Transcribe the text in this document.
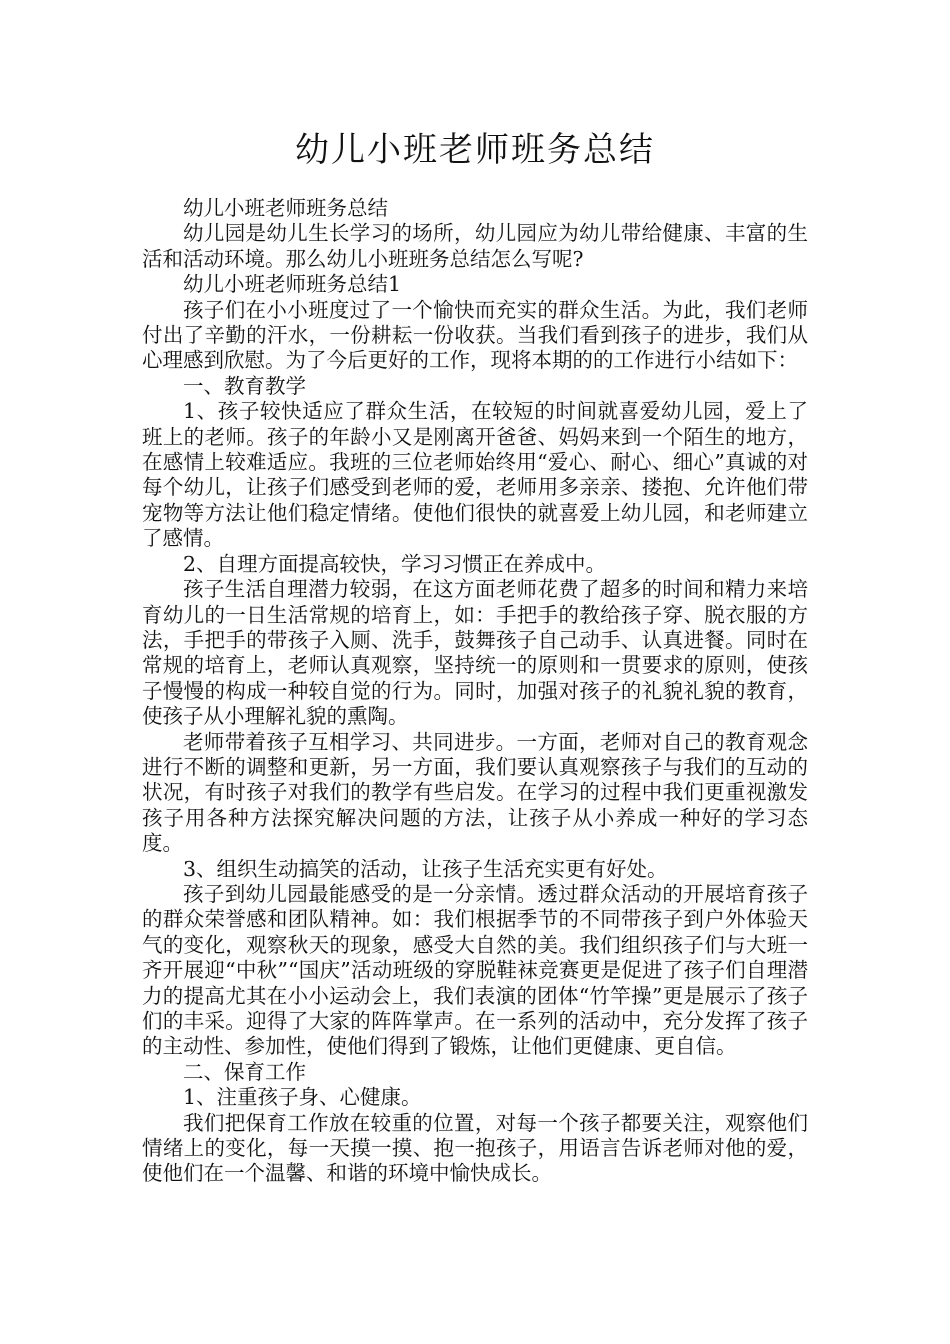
幼儿小班老师班务总结

幼儿小班老师班务总结

幼儿园是幼儿生长学习的场所，幼儿园应为幼儿带给健康、丰富的生活和活动环境。那么幼儿小班班务总结怎么写呢?

幼儿小班老师班务总结1

孩子们在小小班度过了一个愉快而充实的群众生活。为此，我们老师付出了辛勤的汗水，一份耕耘一份收获。当我们看到孩子的进步，我们从心理感到欣慰。为了今后更好的工作，现将本期的的工作进行小结如下：

一、教育教学

1、孩子较快适应了群众生活，在较短的时间就喜爱幼儿园，爱上了班上的老师。孩子的年龄小又是刚离开爸爸、妈妈来到一个陌生的地方，在感情上较难适应。我班的三位老师始终用“爱心、耐心、细心”真诚的对每个幼儿，让孩子们感受到老师的爱，老师用多亲亲、搂抱、允许他们带宠物等方法让他们稳定情绪。使他们很快的就喜爱上幼儿园，和老师建立了感情。

2、自理方面提高较快，学习习惯正在养成中。

孩子生活自理潜力较弱，在这方面老师花费了超多的时间和精力来培育幼儿的一日生活常规的培育上，如：手把手的教给孩子穿、脱衣服的方法，手把手的带孩子入厕、洗手，鼓舞孩子自己动手、认真进餐。同时在常规的培育上，老师认真观察，坚持统一的原则和一贯要求的原则，使孩子慢慢的构成一种较自觉的行为。同时，加强对孩子的礼貌礼貌的教育，使孩子从小理解礼貌的熏陶。

老师带着孩子互相学习、共同进步。一方面，老师对自己的教育观念进行不断的调整和更新，另一方面，我们要认真观察孩子与我们的互动的状况，有时孩子对我们的教学有些启发。在学习的过程中我们更重视激发孩子用各种方法探究解决问题的方法，让孩子从小养成一种好的学习态度。

3、组织生动搞笑的活动，让孩子生活充实更有好处。

孩子到幼儿园最能感受的是一分亲情。透过群众活动的开展培育孩子的群众荣誉感和团队精神。如：我们根据季节的不同带孩子到户外体验天气的变化，观察秋天的现象，感受大自然的美。我们组织孩子们与大班一齐开展迎“中秋”“国庆”活动班级的穿脱鞋袜竞赛更是促进了孩子们自理潜力的提高尤其在小小运动会上，我们表演的团体“竹竿操”更是展示了孩子们的丰采。迎得了大家的阵阵掌声。在一系列的活动中，充分发挥了孩子的主动性、参加性，使他们得到了锻炼，让他们更健康、更自信。

二、保育工作

1、注重孩子身、心健康。

我们把保育工作放在较重的位置，对每一个孩子都要关注，观察他们情绪上的变化，每一天摸一摸、抱一抱孩子，用语言告诉老师对他的爱，使他们在一个温馨、和谐的环境中愉快成长。
